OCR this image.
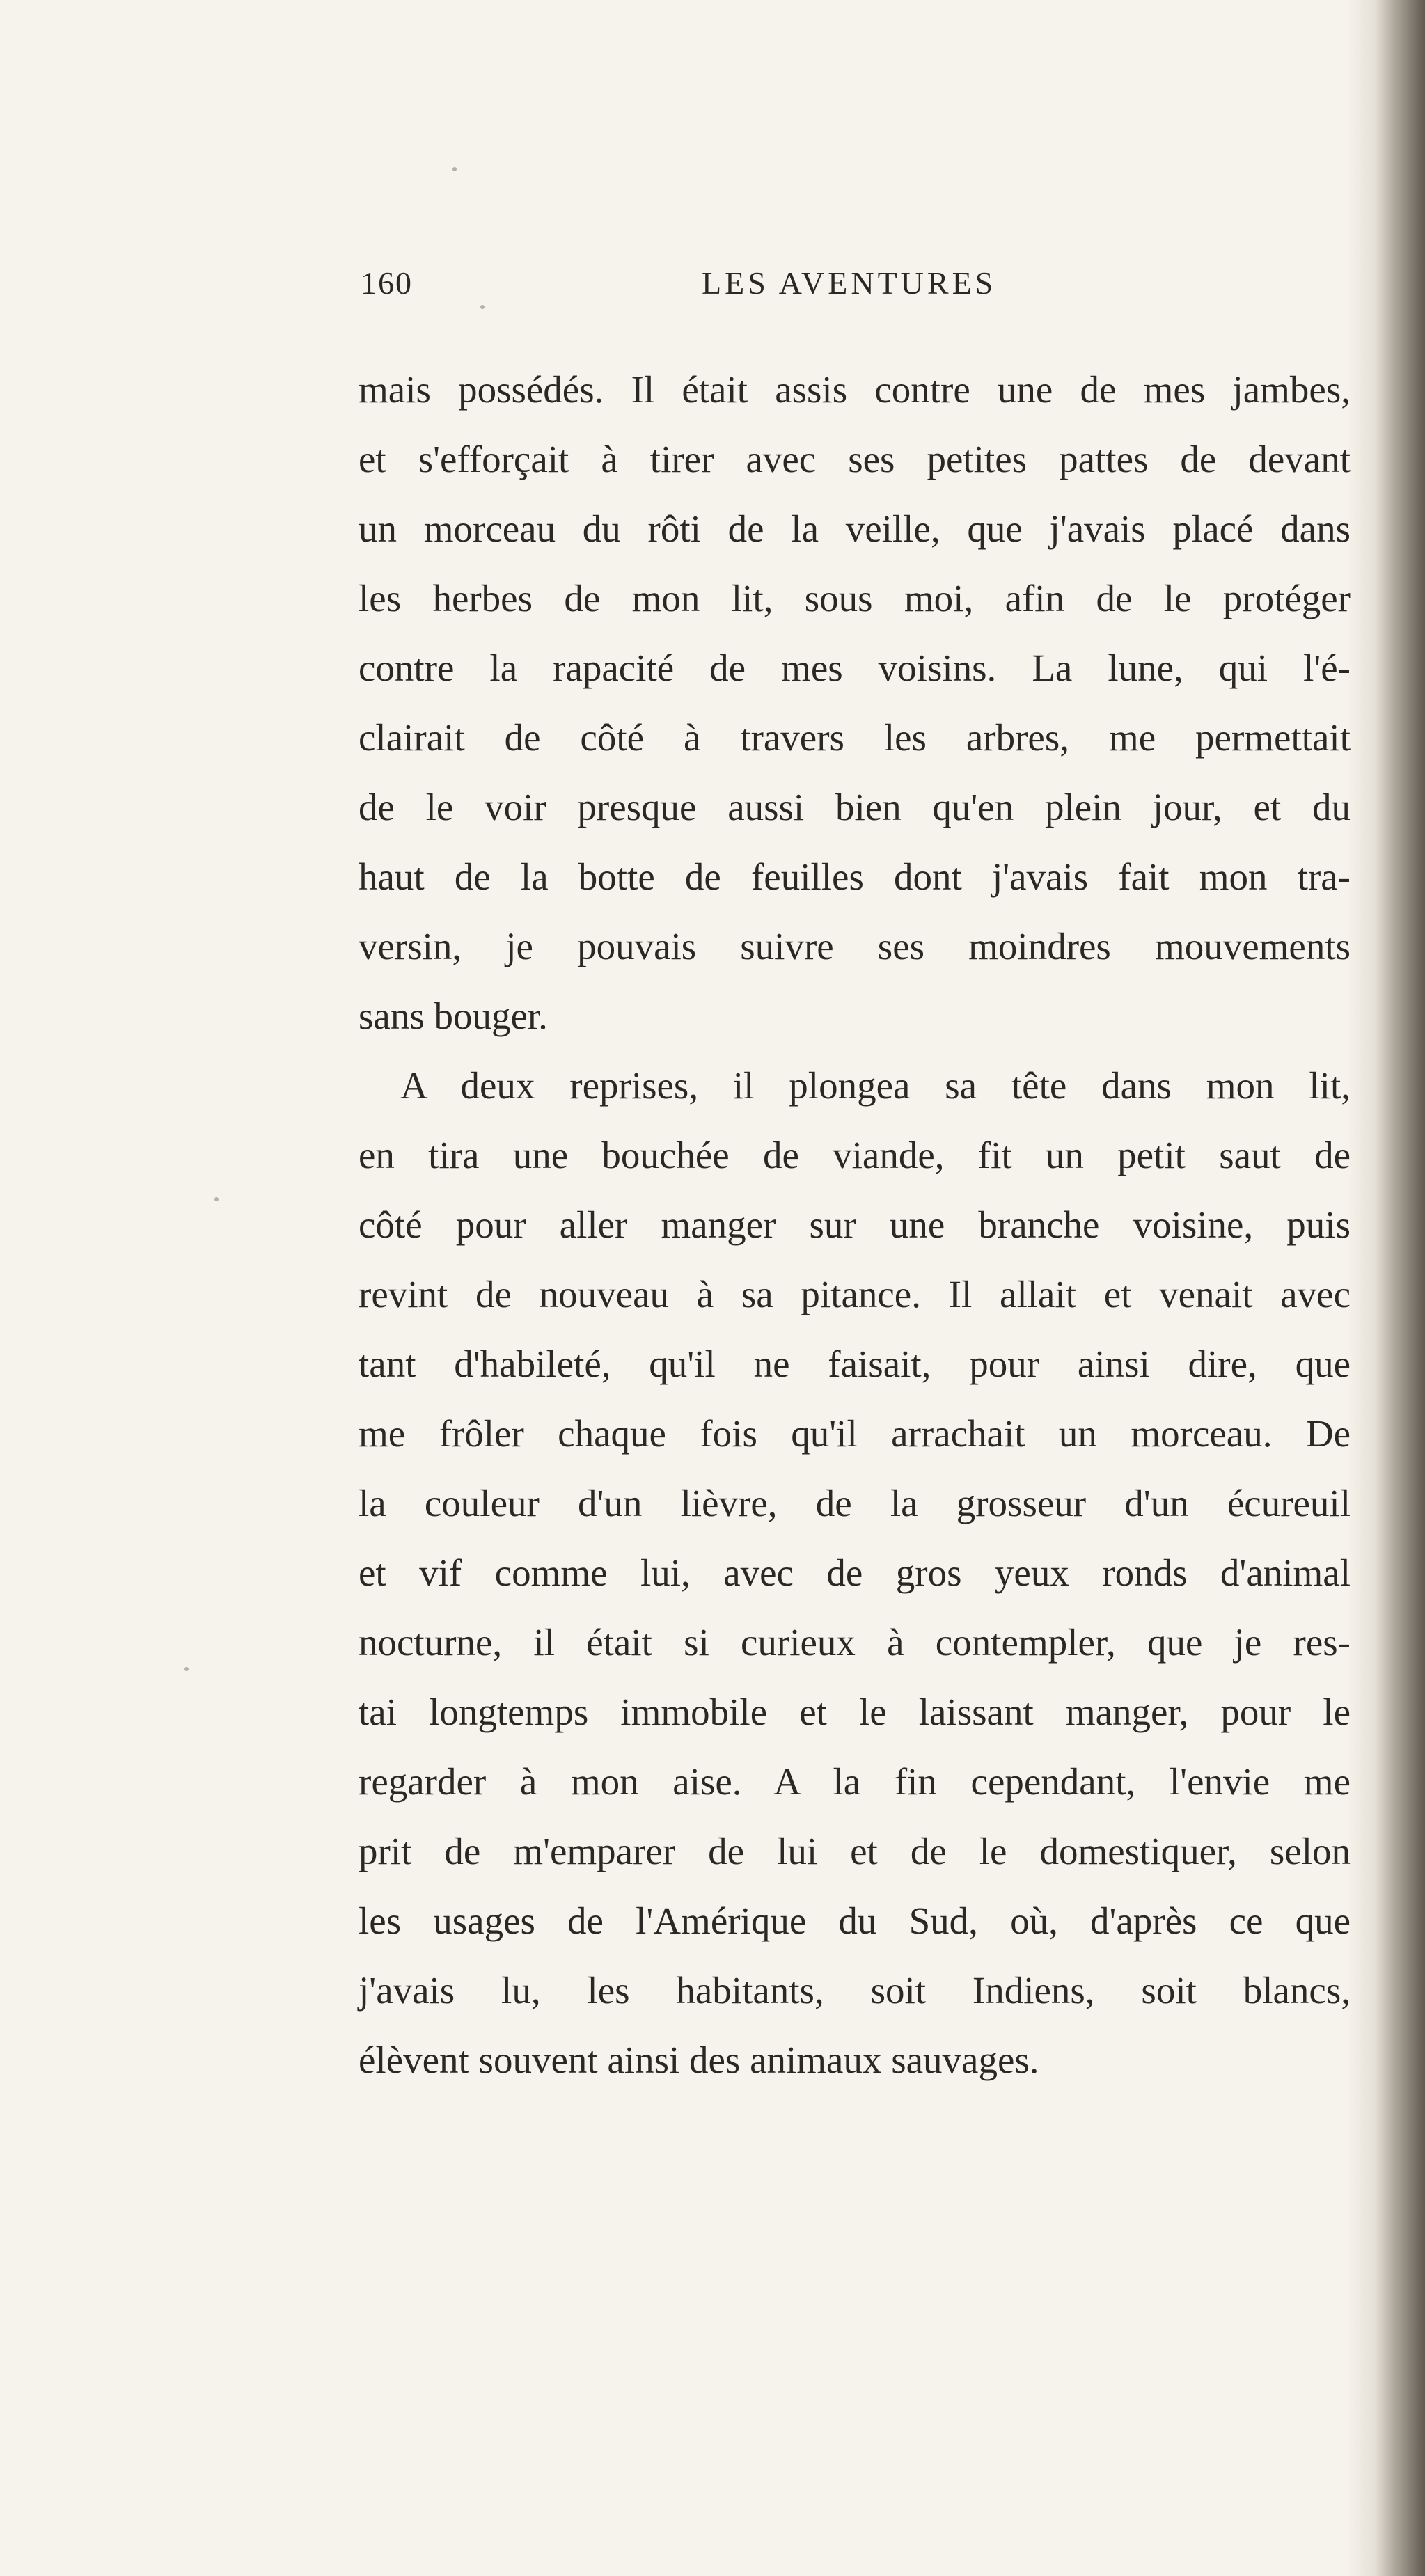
160	LES AVENTURES
mais possédés. Il était assis contre une de mes jambes,
et s'efforçait à tirer avec ses petites pattes de devant
un morceau du rôti de la veille, que j'avais placé dans
les herbes de mon lit, sous moi, afin de le protéger
contre la rapacité de mes voisins. La lune, qui l'é-
clairait de côté à travers les arbres, me permettait
de le voir presque aussi bien qu'en plein jour, et du
haut de la botte de feuilles dont j'avais fait mon tra-
versin, je pouvais suivre ses moindres mouvements
sans bouger.
A deux reprises, il plongea sa tête dans mon lit,
en tira une bouchée de viande, fit un petit saut de
côté pour aller manger sur une branche voisine, puis
revint de nouveau à sa pitance. Il allait et venait avec
tant d'habileté, qu'il ne faisait, pour ainsi dire, que
me frôler chaque fois qu'il arrachait un morceau. De
la couleur d'un lièvre, de la grosseur d'un écureuil
et vif comme lui, avec de gros yeux ronds d'animal
nocturne, il était si curieux à contempler, que je res-
tai longtemps immobile et le laissant manger, pour le
regarder à mon aise. A la fin cependant, l'envie me
prit de m'emparer de lui et de le domestiquer, selon
les usages de l'Amérique du Sud, où, d'après ce que
j'avais lu, les habitants, soit Indiens, soit blancs,
élèvent souvent ainsi des animaux sauvages.
